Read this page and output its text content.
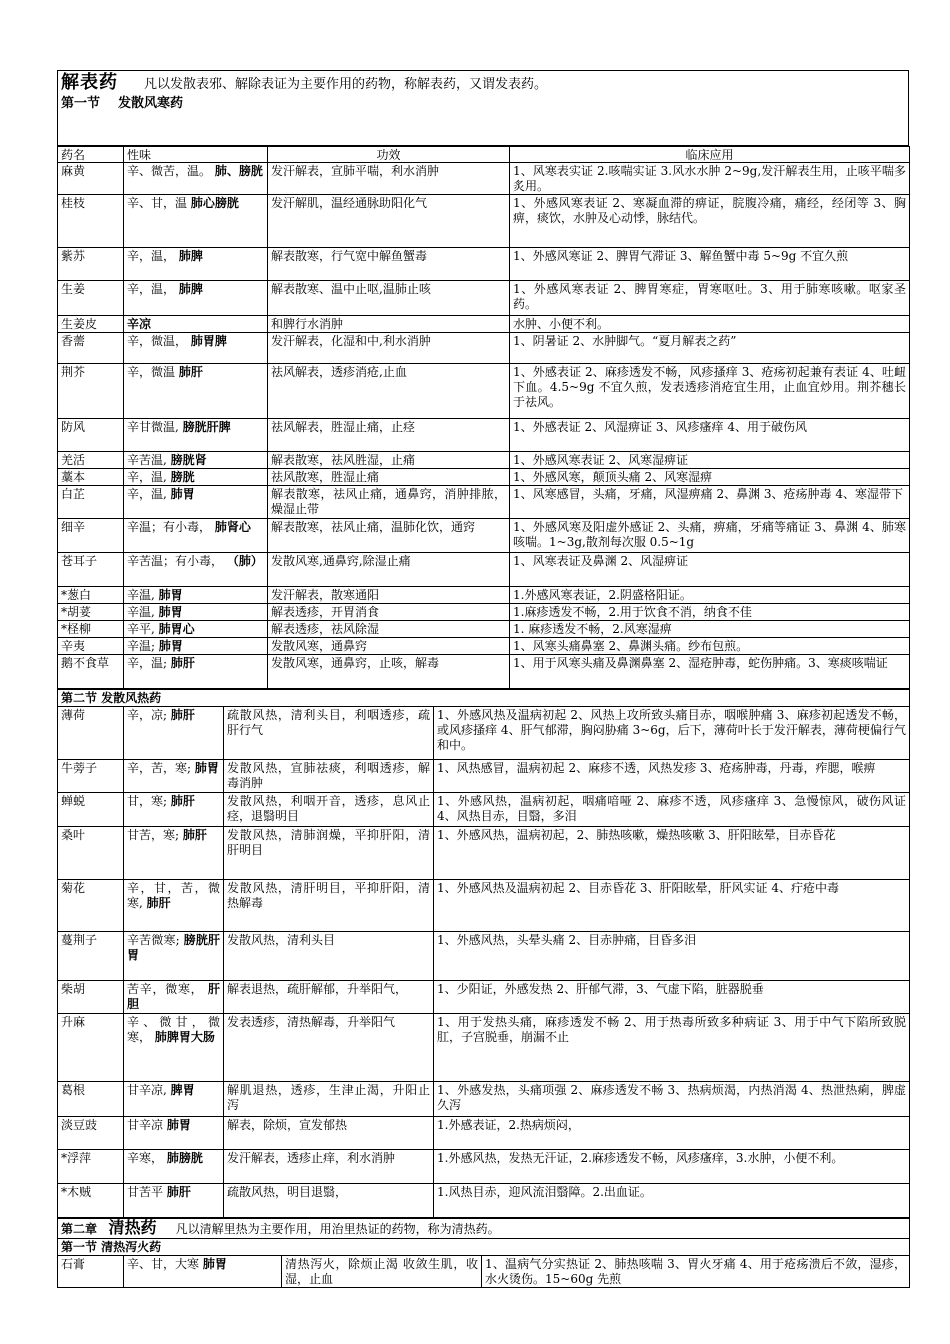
解表药 凡以发散表邪、解除表证为主要作用的药物，称解表药，又谓发表药。
第一节 发散风寒药
药名	性味	功效	临床应用
麻黄	辛、微苦，温。 肺、膀胱	发汗解表，宣肺平喘，利水消肿	1、风寒表实证 2.咳喘实证 3.风水水肿 2~9g,发汗解表生用，止咳平喘多炙用。
桂枝	辛、甘，温 肺心膀胱	发汗解肌，温经通脉助阳化气	1、外感风寒表证 2、寒凝血滞的痹证，脘腹冷痛，痛经，经闭等 3、胸痹，痰饮，水肿及心动悸，脉结代。
紫苏	辛，温， 肺脾	解表散寒，行气宽中解鱼蟹毒	1、外感风寒证 2、脾胃气滞证 3、解鱼蟹中毒 5~9g 不宜久煎
生姜	辛，温， 肺脾	解表散寒、温中止呕,温肺止咳	1、外感风寒表证 2、脾胃寒症，胃寒呕吐。3、用于肺寒咳嗽。呕家圣药。
生姜皮	辛凉	和脾行水消肿	水肿、小便不利。
香薷	辛，微温， 肺胃脾	发汗解表，化湿和中,利水消肿	1、阴暑证 2、水肿脚气。“夏月解表之药”
荆芥	辛，微温 肺肝	祛风解表，透疹消疮,止血	1、外感表证 2、麻疹透发不畅，风疹搔痒 3、疮疡初起兼有表证 4、吐衄下血。4.5~9g 不宜久煎，发表透疹消疮宜生用，止血宜炒用。荆芥穗长于祛风。
防风	辛甘微温, 膀胱肝脾	祛风解表，胜湿止痛，止痉	1、外感表证 2、风湿痹证 3、风疹瘙痒 4、用于破伤风
羌活	辛苦温, 膀胱肾	解表散寒，祛风胜湿，止痛	1、外感风寒表证 2、风寒湿痹证
藁本	辛，温, 膀胱	祛风散寒，胜湿止痛	1、外感风寒，颠顶头痛 2、风寒湿痹
白芷	辛，温, 肺胃	解表散寒，祛风止痛，通鼻窍，消肿排脓，燥湿止带	1、风寒感冒，头痛，牙痛，风湿痹痛 2、鼻渊 3、疮疡肿毒 4、寒湿带下
细辛	辛温；有小毒， 肺肾心	解表散寒，祛风止痛，温肺化饮，通窍	1、外感风寒及阳虚外感证 2、头痛，痹痛，牙痛等痛证 3、鼻渊 4、肺寒咳喘。1~3g,散剂每次服 0.5~1g
苍耳子	辛苦温；有小毒， （肺）	发散风寒,通鼻窍,除湿止痛	1、风寒表证及鼻渊 2、风湿痹证
*葱白	辛温, 肺胃	发汗解表，散寒通阳	1.外感风寒表证，2.阴盛格阳证。
*胡荽	辛温, 肺胃	解表透疹，开胃消食	1.麻疹透发不畅，2.用于饮食不消，纳食不佳
*柽柳	辛平, 肺胃心	解表透疹，祛风除湿	1. 麻疹透发不畅，2.风寒湿痹
辛夷	辛温; 肺胃	发散风寒，通鼻窍	1、风寒头痛鼻塞 2、鼻渊头痛。纱布包煎。
鹅不食草	辛，温; 肺肝	发散风寒，通鼻窍，止咳，解毒	1、用于风寒头痛及鼻渊鼻塞 2、湿疮肿毒，蛇伤肿痛。3、寒痰咳喘证
第二节 发散风热药			
薄荷	辛，凉; 肺肝	疏散风热，清利头目，利咽透疹，疏肝行气	1、外感风热及温病初起 2、风热上攻所致头痛目赤，咽喉肿痛 3、麻疹初起透发不畅，或风疹搔痒 4、肝气郁滞，胸闷胁痛 3~6g，后下，薄荷叶长于发汗解表，薄荷梗偏行气和中。
牛蒡子	辛，苦，寒; 肺胃	发散风热，宣肺祛痰，利咽透疹，解毒消肿	1、风热感冒，温病初起 2、麻疹不透，风热发疹 3、疮疡肿毒，丹毒，痄腮，喉痹
蝉蜕	甘，寒; 肺肝	发散风热，利咽开音，透疹，息风止痉，退翳明目	1、外感风热，温病初起，咽痛喑哑 2、麻疹不透，风疹瘙痒 3、急慢惊风，破伤风证 4、风热目赤，目翳，多泪
桑叶	甘苦，寒; 肺肝	发散风热，清肺润燥，平抑肝阳，清肝明目	1、外感风热，温病初起，2、肺热咳嗽，燥热咳嗽 3、肝阳眩晕，目赤昏花
菊花	辛，甘，苦，微寒, 肺肝	发散风热，清肝明目，平抑肝阳，清热解毒	1、外感风热及温病初起 2、目赤昏花 3、肝阳眩晕，肝风实证 4、疔疮中毒
蔓荆子	辛苦微寒; 膀胱肝胃	发散风热，清利头目	1、外感风热，头晕头痛 2、目赤肿痛，目昏多泪
柴胡	苦辛，微寒， 肝胆	解表退热，疏肝解郁，升举阳气，	1、少阳证，外感发热 2、肝郁气滞，3、气虚下陷，脏器脱垂
升麻	辛、微甘，微寒， 肺脾胃大肠	发表透疹，清热解毒，升举阳气	1、用于发热头痛，麻疹透发不畅 2、用于热毒所致多种病证 3、用于中气下陷所致脱肛，子宫脱垂，崩漏不止
葛根	甘辛凉, 脾胃	解肌退热，透疹，生津止渴，升阳止泻	1、外感发热，头痛项强 2、麻疹透发不畅 3、热病烦渴，内热消渴 4、热泄热痢，脾虚久泻
淡豆豉	甘辛凉 肺胃	解表，除烦，宣发郁热	1.外感表证，2.热病烦闷，
*浮萍	辛寒， 肺膀胱	发汗解表，透疹止痒，利水消肿	1.外感风热，发热无汗证，2.麻疹透发不畅，风疹瘙痒，3.水肿，小便不利。
*木贼	甘苦平 肺肝	疏散风热，明目退翳，	1.风热目赤，迎风流泪翳障。2.出血证。
第二章 清热药 凡以清解里热为主要作用，用治里热证的药物，称为清热药。
第一节 清热泻火药
石膏	辛、甘，大寒 肺胃	清热泻火，除烦止渴 收敛生肌，收湿，止血	1、温病气分实热证 2、肺热咳喘 3、胃火牙痛 4、用于疮疡溃后不敛，湿疹，水火烫伤。15~60g 先煎
